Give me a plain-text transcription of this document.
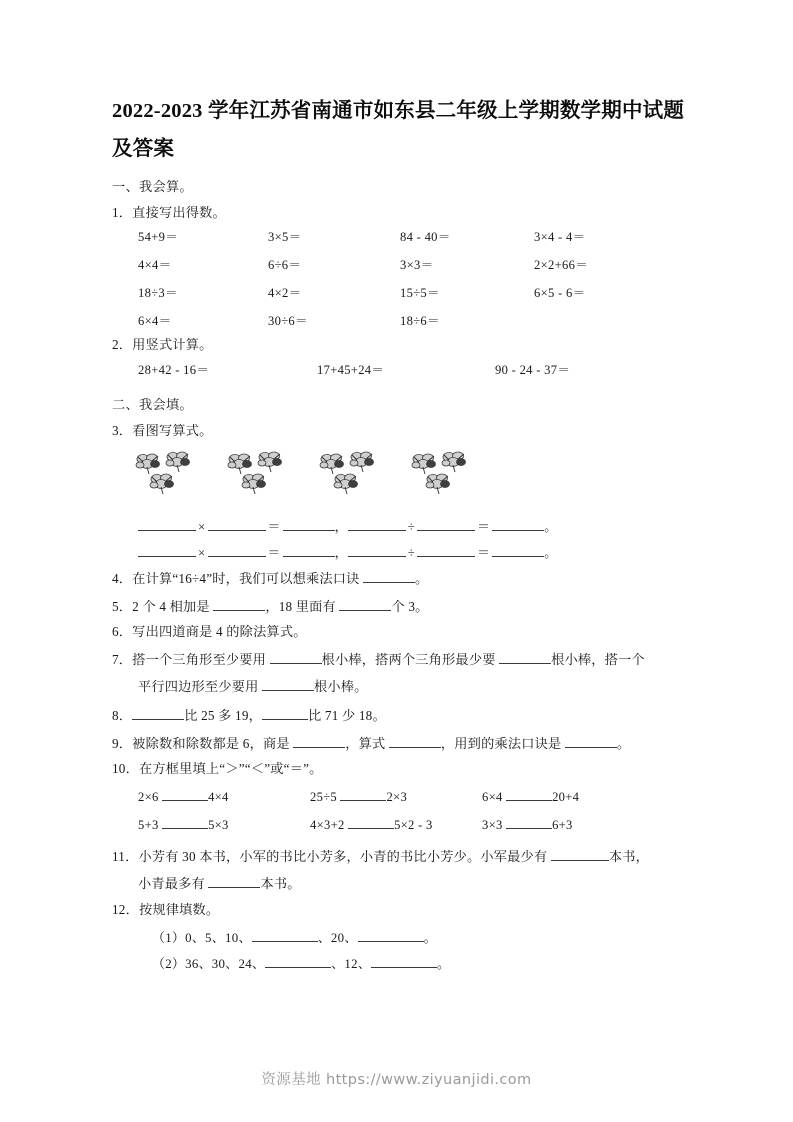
2022-2023 学年江苏省南通市如东县二年级上学期数学期中试题及答案
一、我会算。
1．直接写出得数。
54+9＝	3×5＝	84 - 40＝	3×4 - 4＝
4×4＝	6÷6＝	3×3＝	2×2+66＝
18÷3＝	4×2＝	15÷5＝	6×5 - 6＝
6×4＝	30÷6＝	18÷6＝
2．用竖式计算。
28+42 - 16＝	17+45+24＝	90 - 24 - 37＝
二、我会填。
3．看图写算式。
×	＝	，	÷	＝	。
×	＝	，	÷	＝	。
4．在计算“16÷4”时，我们可以想乘法口诀	。
5．2 个 4 相加是	，18 里面有	个 3。
6．写出四道商是 4 的除法算式。
7．搭一个三角形至少要用	根小棒，搭两个三角形最少要	根小棒，搭一个
平行四边形至少要用	根小棒。
8．	比 25 多 19，	比 71 少 18。
9．被除数和除数都是 6，商是	，算式	，用到的乘法口诀是	。
10．在方框里填上“＞”“＜”或“＝”。
2×6	4×4	25÷5	2×3	6×4	20+4
5+3	5×3	4×3+2	5×2 - 3	3×3	6+3
11．小芳有 30 本书，小军的书比小芳多，小青的书比小芳少。小军最少有	本书，
小青最多有	本书。
12．按规律填数。
（1）0、5、10、	、20、	。
（2）36、30、24、	、12、	。
资源基地 https://www.ziyuanjidi.com
